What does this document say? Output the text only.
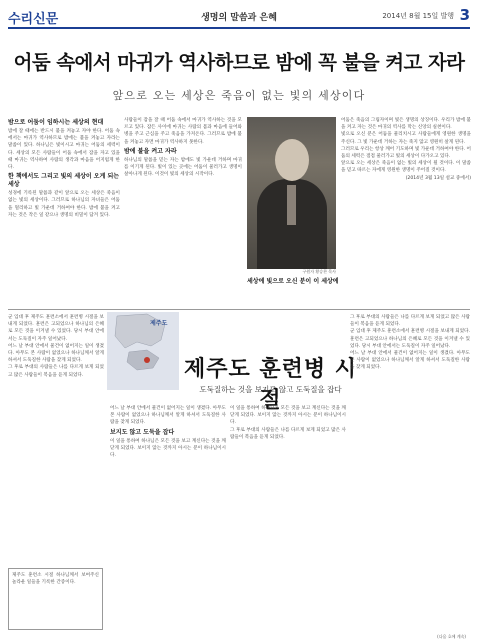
수리신문	생명의 말씀과 은혜	2014년 8월 15일 발행 3
어둠 속에서 마귀가 역사하므로 밤에 꼭 불을 켜고 자라
앞으로 오는 세상은 죽음이 없는 빛의 세상이다
밤으로 어둠이 임하시는 세상의 현대
밤에 잘 때에는 반드시 불을 켜놓고 자야 한다. 어둠 속에서는 마귀가 역사하므로 밤에는 불을 켜놓고 자라는 말씀이 있다. 하나님은 빛이시고 마귀는 어둠의 세력이다. 세상의 모든 사람들이 어둠 속에서 잠을 자고 있을 때 마귀는 역사하여 사람의 생각과 마음을 어지럽게 한다.
한 책에서도 그리고 빛의 세상이 오게 되는 세상
성경에 기록된 말씀과 같이 앞으로 오는 세상은 죽음이 없는 빛의 세상이다. 그러므로 하나님의 자녀들은 어둠을 멀리하고 빛 가운데 거하여야 한다. 밤에 불을 켜고 자는 것은 작은 일 같으나 생명의 비밀이 담겨 있다.
사람들이 잠을 잘 때 어둠 속에서 마귀가 역사하는 것을 모르고 있다. 잠든 사이에 마귀는 사람의 몸과 마음에 들어와 병을 주고 근심을 주고 죽음을 가져온다. 그러므로 밤에 불을 켜놓고 자면 마귀가 역사하지 못한다.
밤에 불을 켜고 자라
하나님의 말씀을 믿는 자는 밤에도 빛 가운데 거하며 마귀를 이기게 된다. 빛이 있는 곳에는 어둠이 물러가고 생명이 살아나게 된다. 이것이 빛의 세상의 시작이다.
구원자 황승찬 목사
세상에 빛으로 오신 분이 이 세상에
어둠은 죽음의 그림자이며 빛은 생명의 상징이다. 우리가 밤에 불을 켜고 자는 것은 마귀의 역사를 막는 신앙의 실천이다.
빛으로 오신 분은 어둠을 물리치시고 사람들에게 영원한 생명을 주신다. 그 빛 가운데 거하는 자는 죽지 않고 영원히 살게 된다.
그러므로 우리는 항상 깨어 기도하며 빛 가운데 거하여야 한다. 어둠의 세력은 점점 물러가고 빛의 세상이 다가오고 있다.
앞으로 오는 세상은 죽음이 없는 빛의 세상이 될 것이다. 이 말씀을 믿고 따르는 자에게 영원한 생명이 주어질 것이다.
(2014년 3월 13일 설교 중에서)
제주도
군 입대 후 제주도 훈련소에서 훈련병 시절을 보내게 되었다. 훈련은 고되었으나 하나님의 은혜로 모든 것을 이겨낼 수 있었다. 당시 부대 안에서는 도둑질이 자주 일어났다.
어느 날 부대 안에서 물건이 없어지는 일이 생겼다. 아무도 본 사람이 없었으나 하나님께서 알게 하셔서 도둑질한 사람을 찾게 되었다.
그 후로 부대의 사람들은 나를 다르게 보게 되었고 많은 사람들이 복음을 듣게 되었다.	제주도 훈련병 시절
도둑질하는 것을 보지도 않고 도둑질을 잡다
어느 날 부대 안에서 물건이 없어지는 일이 생겼다. 아무도 본 사람이 없었으나 하나님께서 알게 하셔서 도둑질한 사람을 찾게 되었다.
보지도 않고 도둑을 잡다
이 일을 통하여 하나님은 모든 것을 보고 계신다는 것을 깨닫게 되었다. 보이지 않는 것까지 아시는 분이 하나님이시다.
이 일을 통하여 하나님은 모든 것을 보고 계신다는 것을 깨닫게 되었다. 보이지 않는 것까지 아시는 분이 하나님이시다.
그 후로 부대의 사람들은 나를 다르게 보게 되었고 많은 사람들이 복음을 듣게 되었다.
그 후로 부대의 사람들은 나를 다르게 보게 되었고 많은 사람들이 복음을 듣게 되었다.
군 입대 후 제주도 훈련소에서 훈련병 시절을 보내게 되었다. 훈련은 고되었으나 하나님의 은혜로 모든 것을 이겨낼 수 있었다. 당시 부대 안에서는 도둑질이 자주 일어났다.
어느 날 부대 안에서 물건이 없어지는 일이 생겼다. 아무도 본 사람이 없었으나 하나님께서 알게 하셔서 도둑질한 사람을 찾게 되었다.
제주도 훈련소 시절 하나님께서 보여주신 놀라운 일들을 기록한 간증이다.
(다음 호에 계속)
